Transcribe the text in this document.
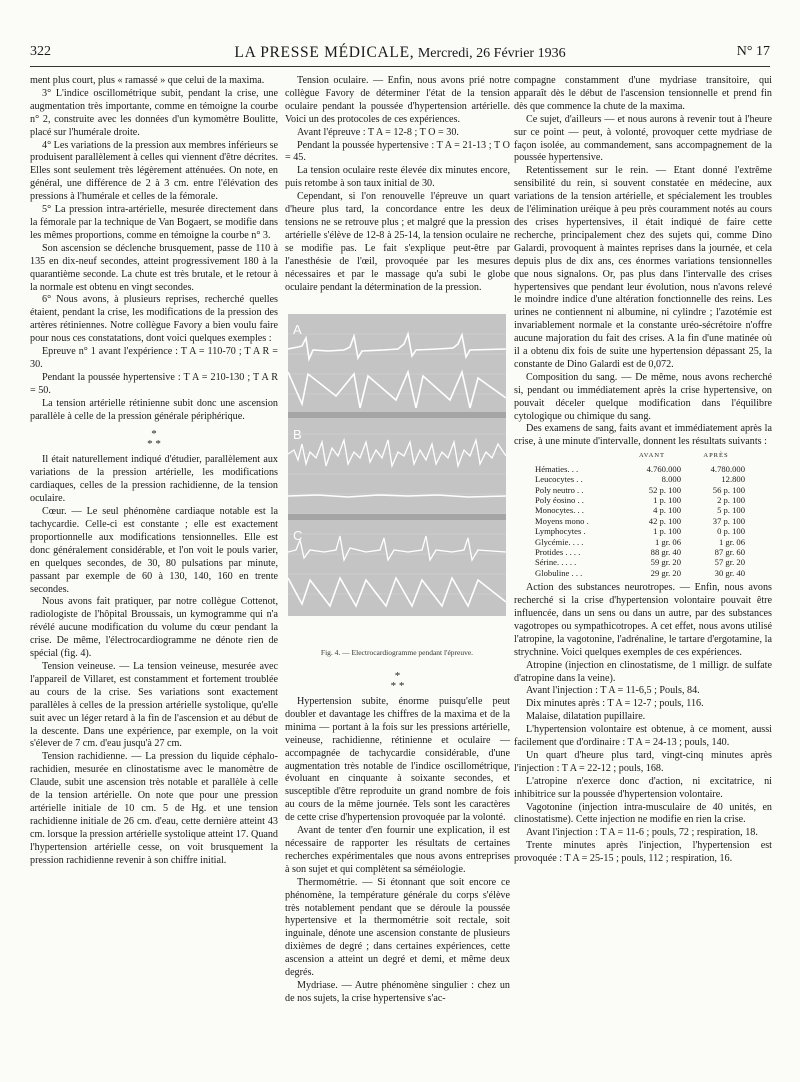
322	LA PRESSE MÉDICALE, Mercredi, 26 Février 1936	N° 17

ment plus court, plus « ramassé » que celui de la maxima.

3° L'indice oscillométrique subit, pendant la crise, une augmentation très importante, comme en témoigne la courbe n° 2, construite avec les données d'un kymomètre Boulitte, placé sur l'humérale droite.

4° Les variations de la pression aux membres inférieurs se produisent parallèlement à celles qui viennent d'être décrites. Elles sont seulement très légèrement atténuées. On note, en général, une différence de 2 à 3 cm. entre l'élévation des pressions à l'humérale et celles de la fémorale.

5° La pression intra-artérielle, mesurée directement dans la fémorale par la technique de Van Bogaert, se modifie dans les mêmes proportions, comme en témoigne la courbe n° 3.

Son ascension se déclenche brusquement, passe de 110 à 135 en dix-neuf secondes, atteint progressivement 180 à la quarantième seconde. La chute est très brutale, et le retour à la normale est obtenu en vingt secondes.

6° Nous avons, à plusieurs reprises, recherché quelles étaient, pendant la crise, les modifications de la pression des artères rétiniennes. Notre collègue Favory a bien voulu faire pour nous ces constatations, dont voici quelques exemples :

Epreuve n° 1 avant l'expérience : T A = 110-70 ; T A R = 30.

Pendant la poussée hypertensive : T A = 210-130 ; T A R = 50.

La tension artérielle rétinienne subit donc une ascension parallèle à celle de la pression générale périphérique.

*
* *

Il était naturellement indiqué d'étudier, parallèlement aux variations de la pression artérielle, les modifications cardiaques, celles de la pression rachidienne, de la tension oculaire.

Cœur. — Le seul phénomène cardiaque notable est la tachycardie. Celle-ci est constante ; elle est exactement proportionnelle aux modifications tensionnelles. Elle est donc généralement considérable, et l'on voit le pouls varier, en quelques secondes, de 30, 80 pulsations par minute, passant par exemple de 60 à 130, 140, 160 en trente secondes.

Nous avons fait pratiquer, par notre collègue Cottenot, radiologiste de l'hôpital Broussais, un kymogramme qui n'a révélé aucune modification du volume du cœur pendant la crise. De même, l'électrocardiogramme ne dénote rien de spécial (fig. 4).

Tension veineuse. — La tension veineuse, mesurée avec l'appareil de Villaret, est constamment et fortement troublée au cours de la crise. Ses variations sont exactement parallèles à celles de la pression artérielle systolique, qu'elle suit avec un léger retard à la fin de l'ascension et au début de la descente. Dans une expérience, par exemple, on la voit s'élever de 7 cm. d'eau jusqu'à 27 cm.

Tension rachidienne. — La pression du liquide céphalo-rachidien, mesurée en clinostatisme avec le manomètre de Claude, subit une ascension très notable et parallèle à celle de la tension artérielle. On note que pour une pression artérielle initiale de 10 cm. 5 de Hg. et une tension rachidienne initiale de 26 cm. d'eau, cette dernière atteint 43 cm. lorsque la pression artérielle systolique atteint 17. Quand l'hypertension artérielle cesse, on voit brusquement la pression rachidienne revenir à son chiffre initial.

Tension oculaire. — Enfin, nous avons prié notre collègue Favory de déterminer l'état de la tension oculaire pendant la poussée d'hypertension artérielle. Voici un des protocoles de ces expériences.

Avant l'épreuve : T A = 12-8 ; T O = 30.

Pendant la poussée hypertensive : T A = 21-13 ; T O = 45.

La tension oculaire reste élevée dix minutes encore, puis retombe à son taux initial de 30.

Cependant, si l'on renouvelle l'épreuve un quart d'heure plus tard, la concordance entre les deux tensions ne se retrouve plus ; et malgré que la pression artérielle s'élève de 12-8 à 25-14, la tension oculaire ne se modifie pas. Le fait s'explique peut-être par l'anesthésie de l'œil, provoquée par les mesures nécessaires et par le massage qu'a subi le globe oculaire pendant la détermination de la pression.

A
B
C
Fig. 4. — Electrocardiogramme pendant l'épreuve.
*
* *

Hypertension subite, énorme puisqu'elle peut doubler et davantage les chiffres de la maxima et de la minima — portant à la fois sur les pressions artérielle, veineuse, rachidienne, rétinienne et oculaire — accompagnée de tachycardie considérable, d'une augmentation très notable de l'indice oscillométrique, évoluant en cinquante à soixante secondes, et susceptible d'être reproduite un grand nombre de fois au cours de la même journée. Tels sont les caractères de cette crise d'hypertension provoquée par la volonté.

Avant de tenter d'en fournir une explication, il est nécessaire de rapporter les résultats de certaines recherches expérimentales que nous avons entreprises à son sujet et qui complètent sa séméiologie.

Thermométrie. — Si étonnant que soit encore ce phénomène, la température générale du corps s'élève très notablement pendant que se déroule la poussée hypertensive et la thermométrie soit rectale, soit inguinale, dénote une ascension constante de plusieurs dixièmes de degré ; dans certaines expériences, cette ascension a atteint un degré et demi, et même deux degrés.

Mydriase. — Autre phénomène singulier : chez un de nos sujets, la crise hypertensive s'ac-

compagne constamment d'une mydriase transitoire, qui apparaît dès le début de l'ascension tensionnelle et prend fin dès que commence la chute de la maxima.

Ce sujet, d'ailleurs — et nous aurons à revenir tout à l'heure sur ce point — peut, à volonté, provoquer cette mydriase de façon isolée, au commandement, sans accompagnement de la poussée hypertensive.

Retentissement sur le rein. — Etant donné l'extrême sensibilité du rein, si souvent constatée en médecine, aux variations de la tension artérielle, et spécialement les troubles de l'élimination uréique à peu près couramment notés au cours des crises hypertensives, il était indiqué de faire cette recherche, principalement chez des sujets qui, comme Dino Galardi, provoquent à maintes reprises dans la journée, et cela depuis plus de dix ans, ces énormes variations tensionnelles que nous signalons. Or, pas plus dans l'intervalle des crises hypertensives que pendant leur évolution, nous n'avons relevé le moindre indice d'une altération fonctionnelle des reins. Les urines ne contiennent ni albumine, ni cylindre ; l'azotémie est invariablement normale et la constante uréo-sécrétoire n'offre aucune majoration du fait des crises. A la fin d'une matinée où il a obtenu dix fois de suite une hypertension dépassant 25, la constante de Dino Galardi est de 0,072.

Composition du sang. — De même, nous avons recherché si, pendant ou immédiatement après la crise hypertensive, on pouvait déceler quelque modification dans l'équilibre cytologique ou chimique du sang.

Des examens de sang, faits avant et immédiatement après la crise, à une minute d'intervalle, donnent les résultats suivants :

	AVANT	APRÈS
Hématies. . .	4.760.000	4.780.000
Leucocytes . .	8.000	12.800
Poly neutro . .	52 p. 100	56 p. 100
Poly éosino . .	1 p. 100	2 p. 100
Monocytes. . .	4 p. 100	5 p. 100
Moyens mono .	42 p. 100	37 p. 100
Lymphocytes .	1 p. 100	0 p. 100
Glycémie. . . .	1 gr. 06	1 gr. 06
Protides . . . .	88 gr. 40	87 gr. 60
Sérine. . . . .	59 gr. 20	57 gr. 20
Globuline . . .	29 gr. 20	30 gr. 40

Action des substances neurotropes. — Enfin, nous avons recherché si la crise d'hypertension volontaire pouvait être influencée, dans un sens ou dans un autre, par des substances vagotropes ou sympathicotropes. A cet effet, nous avons utilisé l'atropine, la vagotonine, l'adrénaline, le tartare d'ergotamine, la strychnine. Voici quelques exemples de ces expériences.

Atropine (injection en clinostatisme, de 1 milligr. de sulfate d'atropine dans la veine).

Avant l'injection : T A = 11-6,5 ; Pouls, 84.

Dix minutes après : T A = 12-7 ; pouls, 116.

Malaise, dilatation pupillaire.

L'hypertension volontaire est obtenue, à ce moment, aussi facilement que d'ordinaire : T A = 24-13 ; pouls, 140.

Un quart d'heure plus tard, vingt-cinq minutes après l'injection : T A = 22-12 ; pouls, 168.

L'atropine n'exerce donc d'action, ni excitatrice, ni inhibitrice sur la poussée d'hypertension volontaire.

Vagotonine (injection intra-musculaire de 40 unités, en clinostatisme). Cette injection ne modifie en rien la crise.

Avant l'injection : T A = 11-6 ; pouls, 72 ; respiration, 18.

Trente minutes après l'injection, l'hypertension est provoquée : T A = 25-15 ; pouls, 112 ; respiration, 16.
